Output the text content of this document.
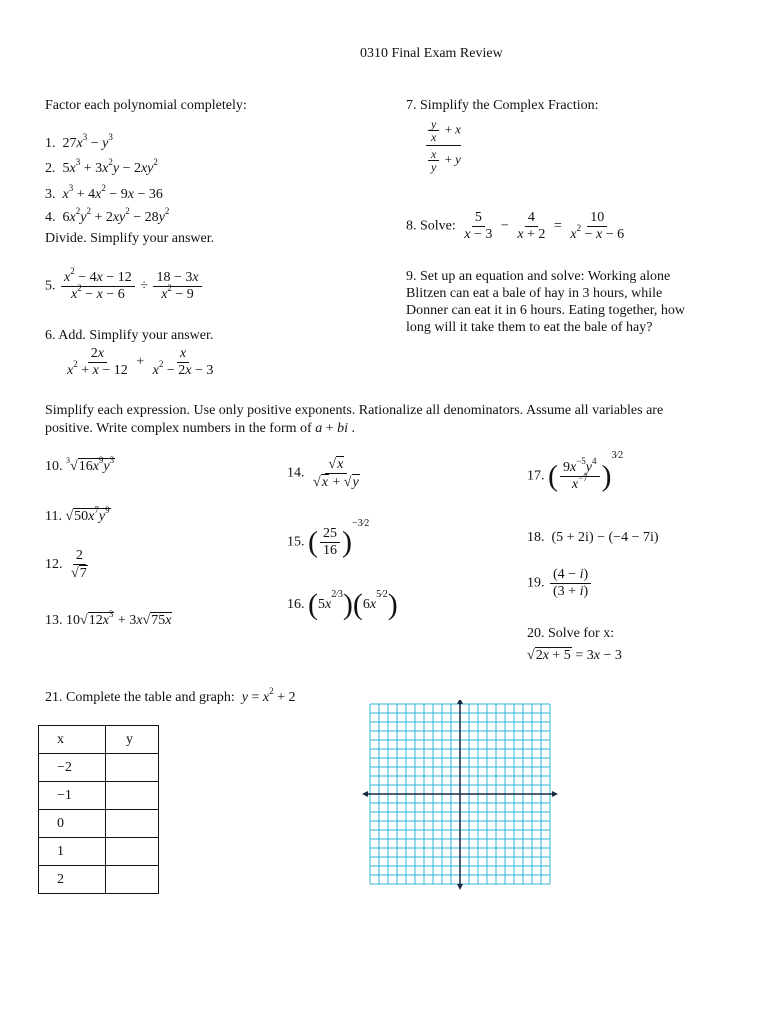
0310 Final Exam Review
Factor each polynomial completely:
1.  $27x^3 - y^3$
2.  $5x^3 + 3x^2y - 2xy^2$
3. $x^3 + 4x^2 - 9x - 36$
4.  $6x^2y^2 + 2xy^2 - 28y^2$
Divide. Simplify your answer.
5. $\frac{x^2 - 4x - 12}{x^2 - x - 6} \div \frac{18 - 3x}{x^2 - 9}$
6. Add. Simplify your answer.
$\frac{2x}{x^2 + x - 12} + \frac{x}{x^2 - 2x - 3}$
7. Simplify the Complex Fraction:
$\frac{y}{x} + x$
$\frac{x}{y} + y$
8. Solve: $\frac{5}{x - 3} - \frac{4}{x + 2} = \frac{10}{x^2 - x - 6}$
9. Set up an equation and solve: Working alone
Blitzen can eat a bale of hay in 3 hours, while
Donner can eat it in 6 hours. Eating together, how
long will it take them to eat the bale of hay?
Simplify each expression. Use only positive exponents. Rationalize all denominators. Assume all variables are
positive. Write complex numbers in the form of a + bi .
10. $^3√16x^9y^3$
11. $√50x^7y^9$
12. $\frac{2}{√7}$
13. $10√12x^3 + 3x√75x$
14. $\frac{√x}{√x + √y}$
15. ( $\frac{25}{16} )^{-3⁄2}$
16. $(5x^{2⁄3})(6x^{5⁄2})$
17. ( $\frac{9x^{-5}y^4}{x^{-7}} )^{3⁄2}$
18. (5 + 2i) − (−4 − 7i)
19. $\frac{(4 - i)}{(3 + i)}$
20. Solve for x:
√2x + 5 = 3x − 3
21. Complete the table and graph: $y = x^2 + 2$
x	y
−2	
−1	
0	
1	
2	
